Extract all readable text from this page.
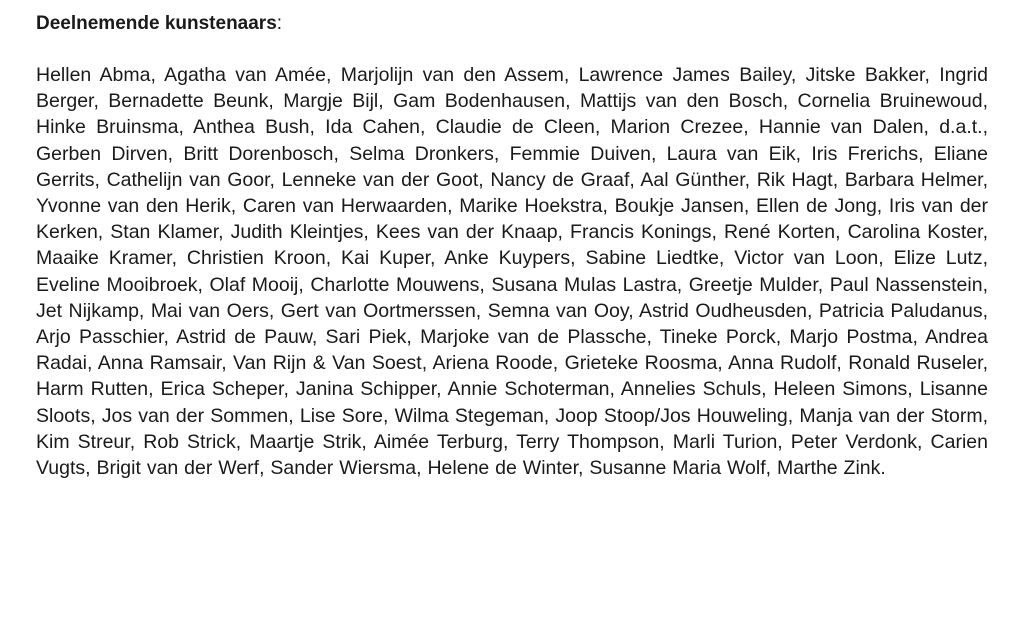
Deelnemende kunstenaars:

Hellen Abma, Agatha van Amée, Marjolijn van den Assem, Lawrence James Bailey, Jitske Bakker, Ingrid Berger, Bernadette Beunk, Margje Bijl, Gam Bodenhausen, Mattijs van den Bosch, Cornelia Bruinewoud, Hinke Bruinsma, Anthea Bush, Ida Cahen, Claudie de Cleen, Marion Crezee, Hannie van Dalen, d.a.t., Gerben Dirven, Britt Dorenbosch, Selma Dronkers, Femmie Duiven, Laura van Eik, Iris Frerichs, Eliane Gerrits, Cathelijn van Goor, Lenneke van der Goot, Nancy de Graaf, Aal Günther, Rik Hagt, Barbara Helmer, Yvonne van den Herik, Caren van Herwaarden, Marike Hoekstra, Boukje Jansen, Ellen de Jong, Iris van der Kerken, Stan Klamer, Judith Kleintjes, Kees van der Knaap, Francis Konings, René Korten, Carolina Koster, Maaike Kramer, Christien Kroon, Kai Kuper, Anke Kuypers, Sabine Liedtke, Victor van Loon, Elize Lutz, Eveline Mooibroek, Olaf Mooij, Charlotte Mouwens, Susana Mulas Lastra, Greetje Mulder, Paul Nassenstein, Jet Nijkamp, Mai van Oers, Gert van Oortmerssen, Semna van Ooy, Astrid Oudheusden, Patricia Paludanus, Arjo Passchier, Astrid de Pauw, Sari Piek, Marjoke van de Plassche, Tineke Porck, Marjo Postma, Andrea Radai, Anna Ramsair, Van Rijn & Van Soest, Ariena Roode, Grieteke Roosma, Anna Rudolf, Ronald Ruseler, Harm Rutten, Erica Scheper, Janina Schipper, Annie Schoterman, Annelies Schuls, Heleen Simons, Lisanne Sloots, Jos van der Sommen, Lise Sore, Wilma Stegeman, Joop Stoop/Jos Houweling, Manja van der Storm, Kim Streur, Rob Strick, Maartje Strik, Aimée Terburg, Terry Thompson, Marli Turion, Peter Verdonk, Carien Vugts, Brigit van der Werf, Sander Wiersma, Helene de Winter, Susanne Maria Wolf, Marthe Zink.
